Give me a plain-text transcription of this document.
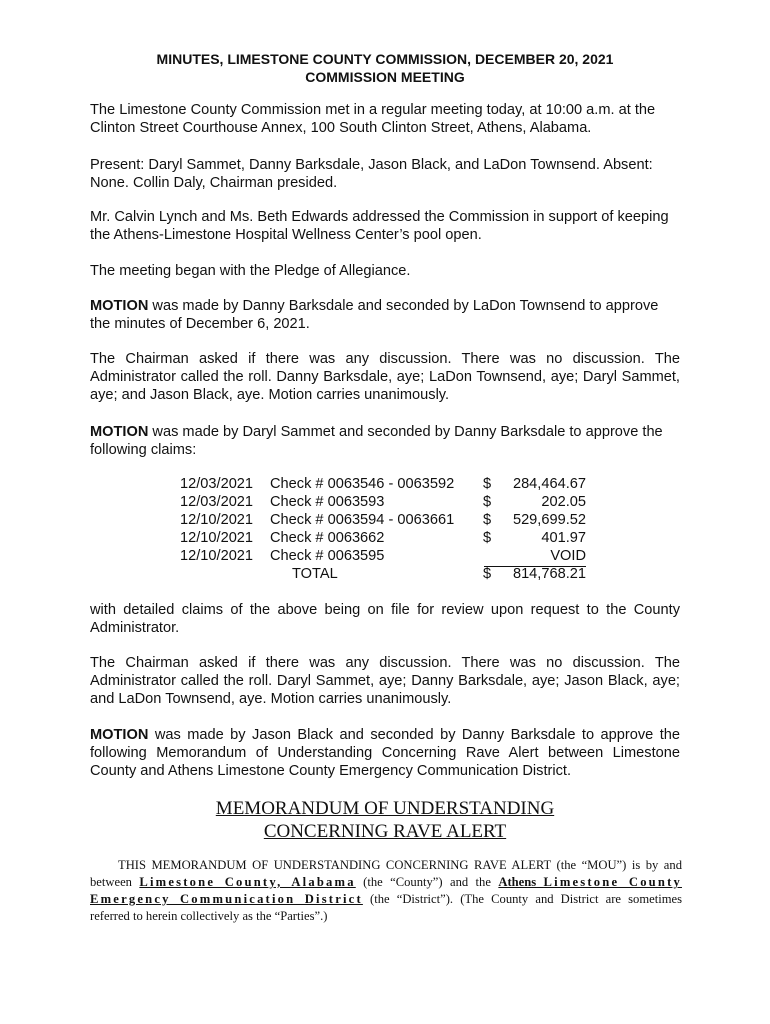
MINUTES, LIMESTONE COUNTY COMMISSION, DECEMBER 20, 2021
COMMISSION MEETING

The Limestone County Commission met in a regular meeting today, at 10:00 a.m. at the Clinton Street Courthouse Annex, 100 South Clinton Street, Athens, Alabama.

Present: Daryl Sammet, Danny Barksdale, Jason Black, and LaDon Townsend. Absent: None. Collin Daly, Chairman presided.

Mr. Calvin Lynch and Ms. Beth Edwards addressed the Commission in support of keeping the Athens-Limestone Hospital Wellness Center’s pool open.

The meeting began with the Pledge of Allegiance.

MOTION was made by Danny Barksdale and seconded by LaDon Townsend to approve the minutes of December 6, 2021.

The Chairman asked if there was any discussion. There was no discussion. The Administrator called the roll. Danny Barksdale, aye; LaDon Townsend, aye; Daryl Sammet, aye; and Jason Black, aye. Motion carries unanimously.

MOTION was made by Daryl Sammet and seconded by Danny Barksdale to approve the following claims:

12/03/2021 Check # 0063546 - 0063592 $ 284,464.67
12/03/2021 Check # 0063593	$	202.05
12/10/2021 Check # 0063594 - 0063661 $ 529,699.52
12/10/2021 Check # 0063662	$	401.97
12/10/2021 Check # 0063595	VOID
TOTAL	$ 814,768.21

with detailed claims of the above being on file for review upon request to the County Administrator.

The Chairman asked if there was any discussion. There was no discussion. The Administrator called the roll. Daryl Sammet, aye; Danny Barksdale, aye; Jason Black, aye; and LaDon Townsend, aye. Motion carries unanimously.

MOTION was made by Jason Black and seconded by Danny Barksdale to approve the following Memorandum of Understanding Concerning Rave Alert between Limestone County and Athens Limestone County Emergency Communication District.

MEMORANDUM OF UNDERSTANDING
CONCERNING RAVE ALERT

THIS MEMORANDUM OF UNDERSTANDING CONCERNING RAVE ALERT (the “MOU”) is by and between Limestone County, Alabama (the “County”) and the Athens Limestone County Emergency Communication District (the “District”). (The County and District are sometimes referred to herein collectively as the “Parties”.)
